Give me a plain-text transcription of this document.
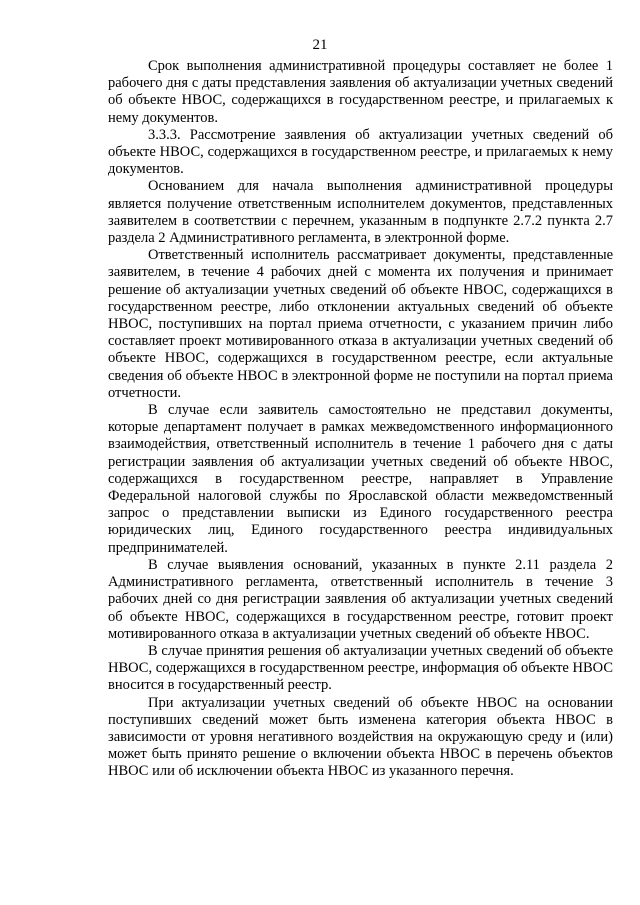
21

Срок выполнения административной процедуры составляет не более 1 рабочего дня с даты представления заявления об актуализации учетных сведений об объекте НВОС, содержащихся в государственном реестре, и прилагаемых к нему документов.

3.3.3. Рассмотрение заявления об актуализации учетных сведений об объекте НВОС, содержащихся в государственном реестре, и прилагаемых к нему документов.

Основанием для начала выполнения административной процедуры является получение ответственным исполнителем документов, представленных заявителем в соответствии с перечнем, указанным в подпункте 2.7.2 пункта 2.7 раздела 2 Административного регламента, в электронной форме.

Ответственный исполнитель рассматривает документы, представленные заявителем, в течение 4 рабочих дней с момента их получения и принимает решение об актуализации учетных сведений об объекте НВОС, содержащихся в государственном реестре, либо отклонении актуальных сведений об объекте НВОС, поступивших на портал приема отчетности, с указанием причин либо составляет проект мотивированного отказа в актуализации учетных сведений об объекте НВОС, содержащихся в государственном реестре, если актуальные сведения об объекте НВОС в электронной форме не поступили на портал приема отчетности.

В случае если заявитель самостоятельно не представил документы, которые департамент получает в рамках межведомственного информационного взаимодействия, ответственный исполнитель в течение 1 рабочего дня с даты регистрации заявления об актуализации учетных сведений об объекте НВОС, содержащихся в государственном реестре, направляет в Управление Федеральной налоговой службы по Ярославской области межведомственный запрос о представлении выписки из Единого государственного реестра юридических лиц, Единого государственного реестра индивидуальных предпринимателей.

В случае выявления оснований, указанных в пункте 2.11 раздела 2 Административного регламента, ответственный исполнитель в течение 3 рабочих дней со дня регистрации заявления об актуализации учетных сведений об объекте НВОС, содержащихся в государственном реестре, готовит проект мотивированного отказа в актуализации учетных сведений об объекте НВОС.

В случае принятия решения об актуализации учетных сведений об объекте НВОС, содержащихся в государственном реестре, информация об объекте НВОС вносится в государственный реестр.

При актуализации учетных сведений об объекте НВОС на основании поступивших сведений может быть изменена категория объекта НВОС в зависимости от уровня негативного воздействия на окружающую среду и (или) может быть принято решение о включении объекта НВОС в перечень объектов НВОС или об исключении объекта НВОС из указанного перечня.
